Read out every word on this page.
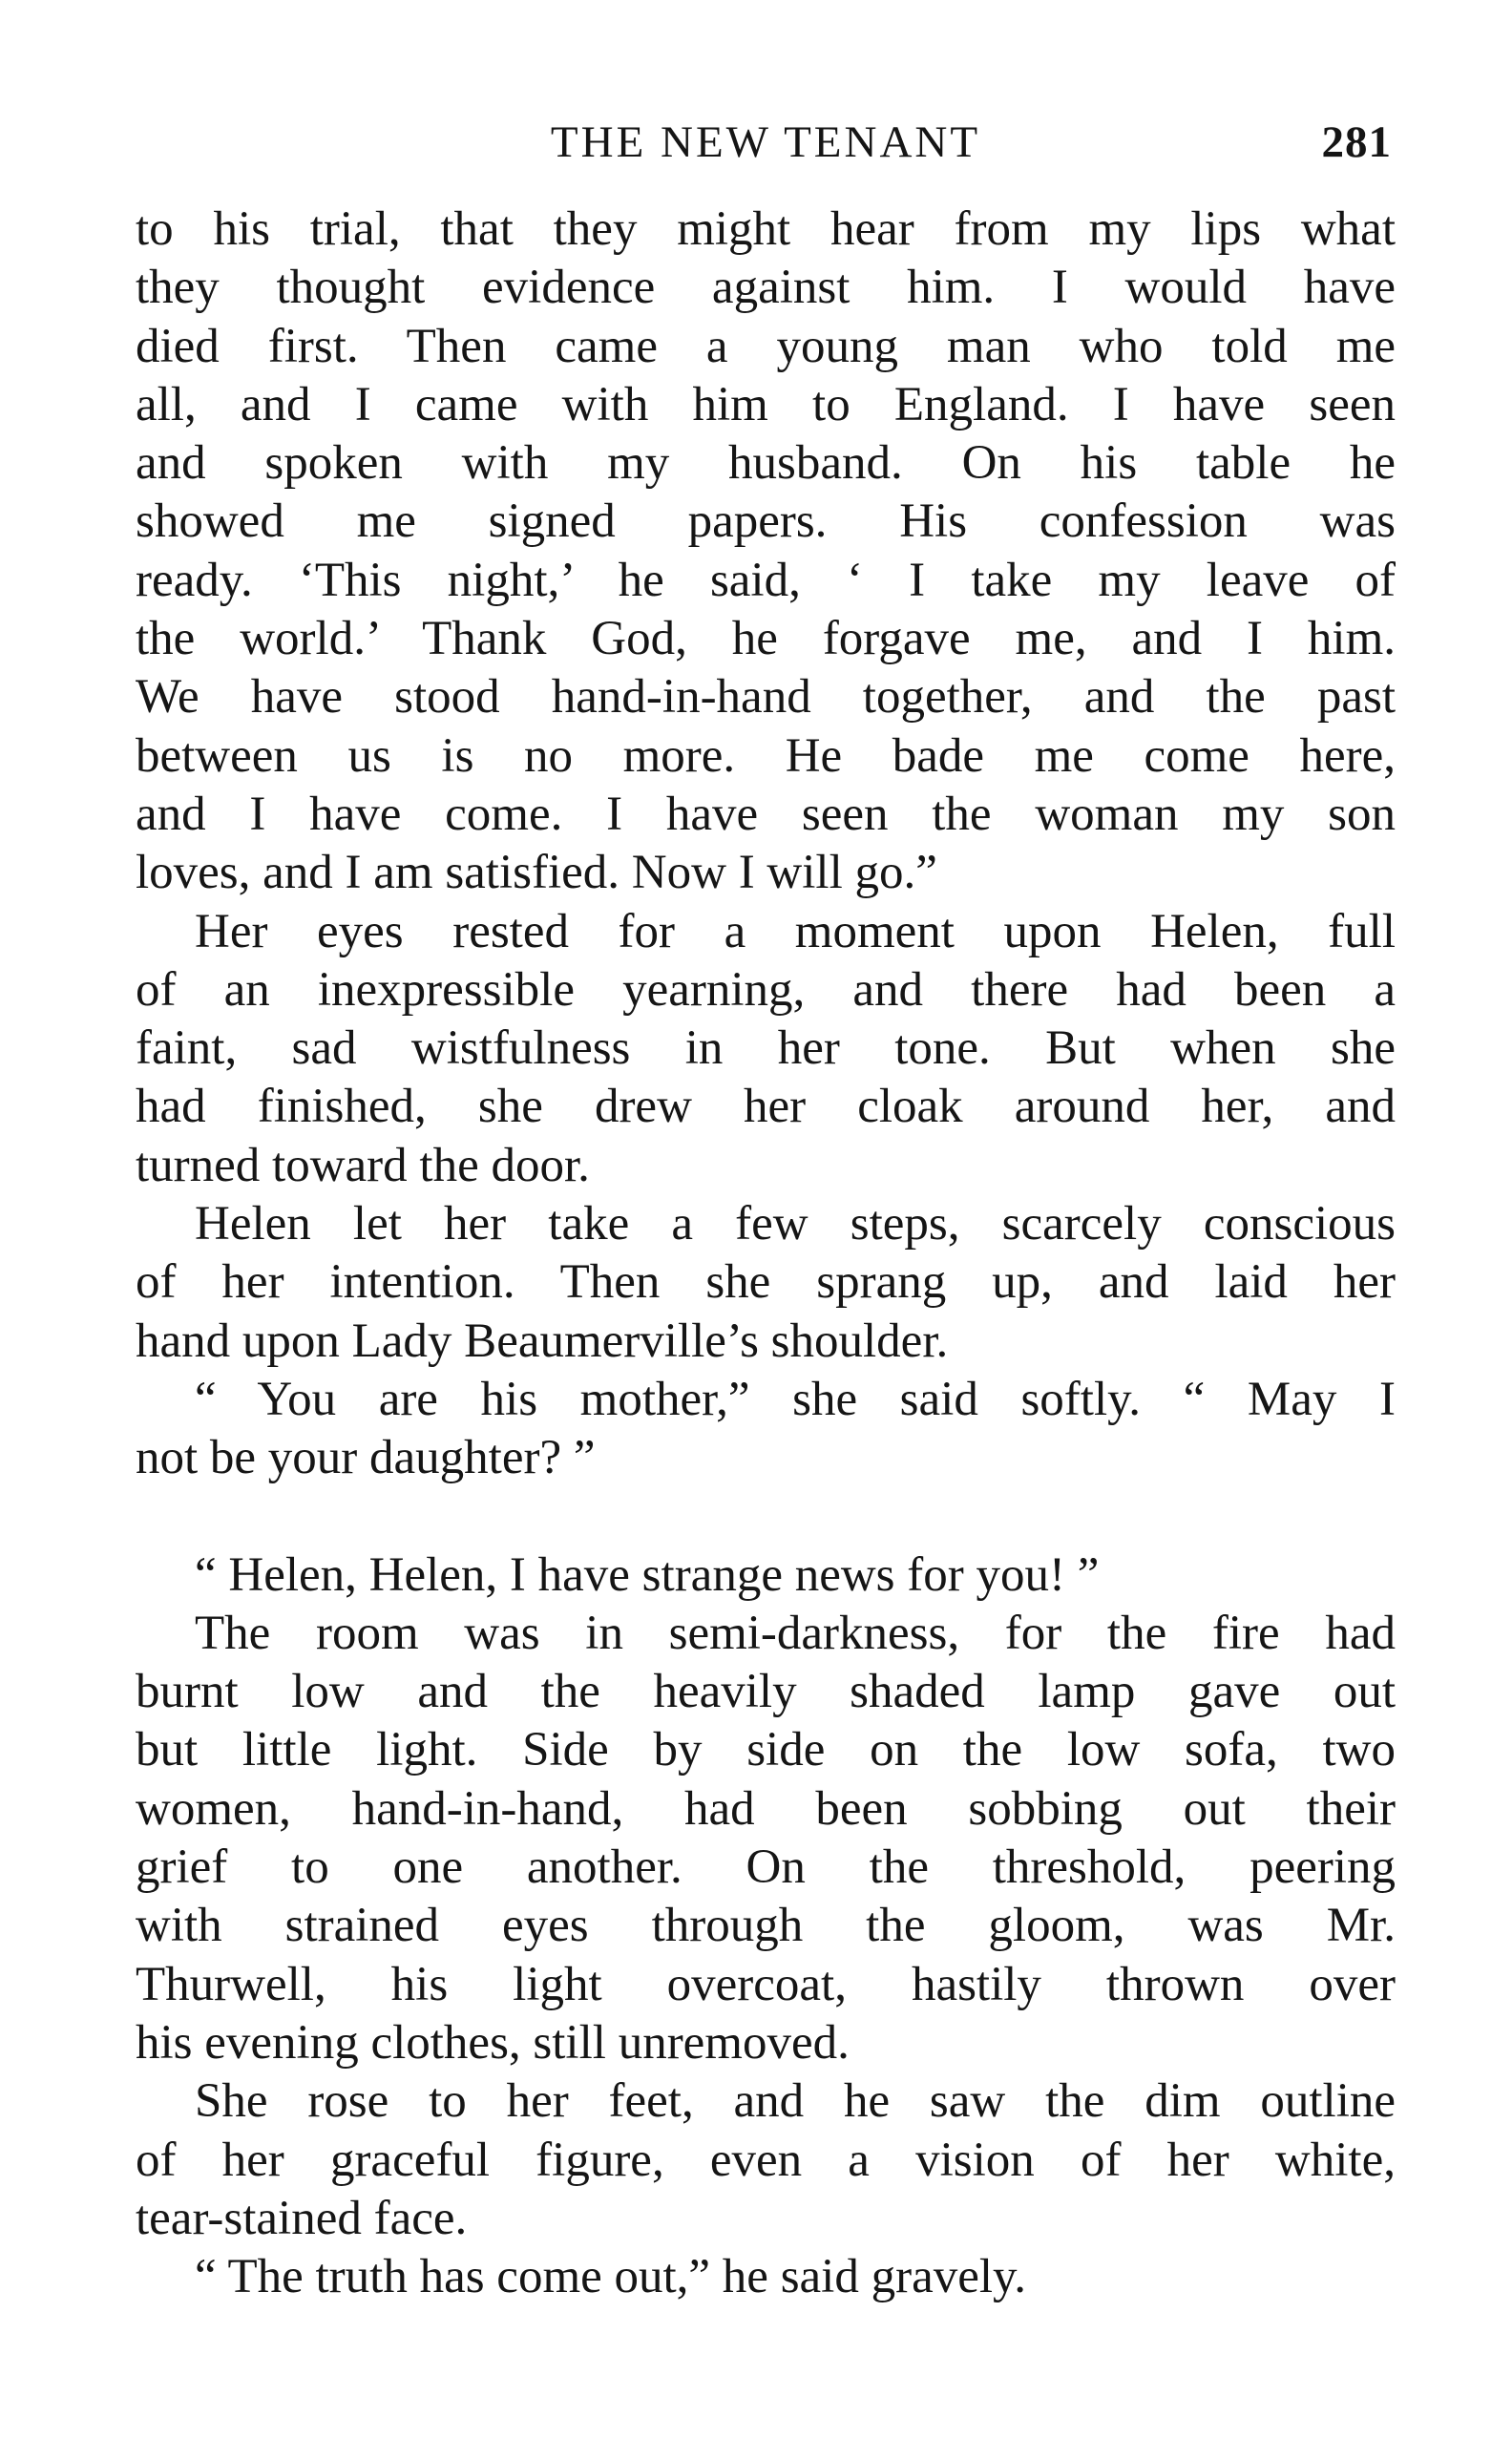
THE NEW TENANT	281

to his trial, that they might hear from my lips what

they thought evidence against him. I would have

died first. Then came a young man who told me

all, and I came with him to England. I have seen

and spoken with my husband. On his table he

showed me signed papers. His confession was

ready. ‘This night,’ he said, ‘ I take my leave of

the world.’ Thank God, he forgave me, and I him.

We have stood hand-in-hand together, and the past

between us is no more. He bade me come here,

and I have come. I have seen the woman my son

loves, and I am satisfied. Now I will go.”

Her eyes rested for a moment upon Helen, full

of an inexpressible yearning, and there had been a

faint, sad wistfulness in her tone. But when she

had finished, she drew her cloak around her, and

turned toward the door.

Helen let her take a few steps, scarcely conscious

of her intention. Then she sprang up, and laid her

hand upon Lady Beaumerville’s shoulder.

“ You are his mother,” she said softly. “ May I

not be your daughter? ”

“ Helen, Helen, I have strange news for you! ”

The room was in semi-darkness, for the fire had

burnt low and the heavily shaded lamp gave out

but little light. Side by side on the low sofa, two

women, hand-in-hand, had been sobbing out their

grief to one another. On the threshold, peering

with strained eyes through the gloom, was Mr.

Thurwell, his light overcoat, hastily thrown over

his evening clothes, still unremoved.

She rose to her feet, and he saw the dim outline

of her graceful figure, even a vision of her white,

tear-stained face.

“ The truth has come out,” he said gravely.
